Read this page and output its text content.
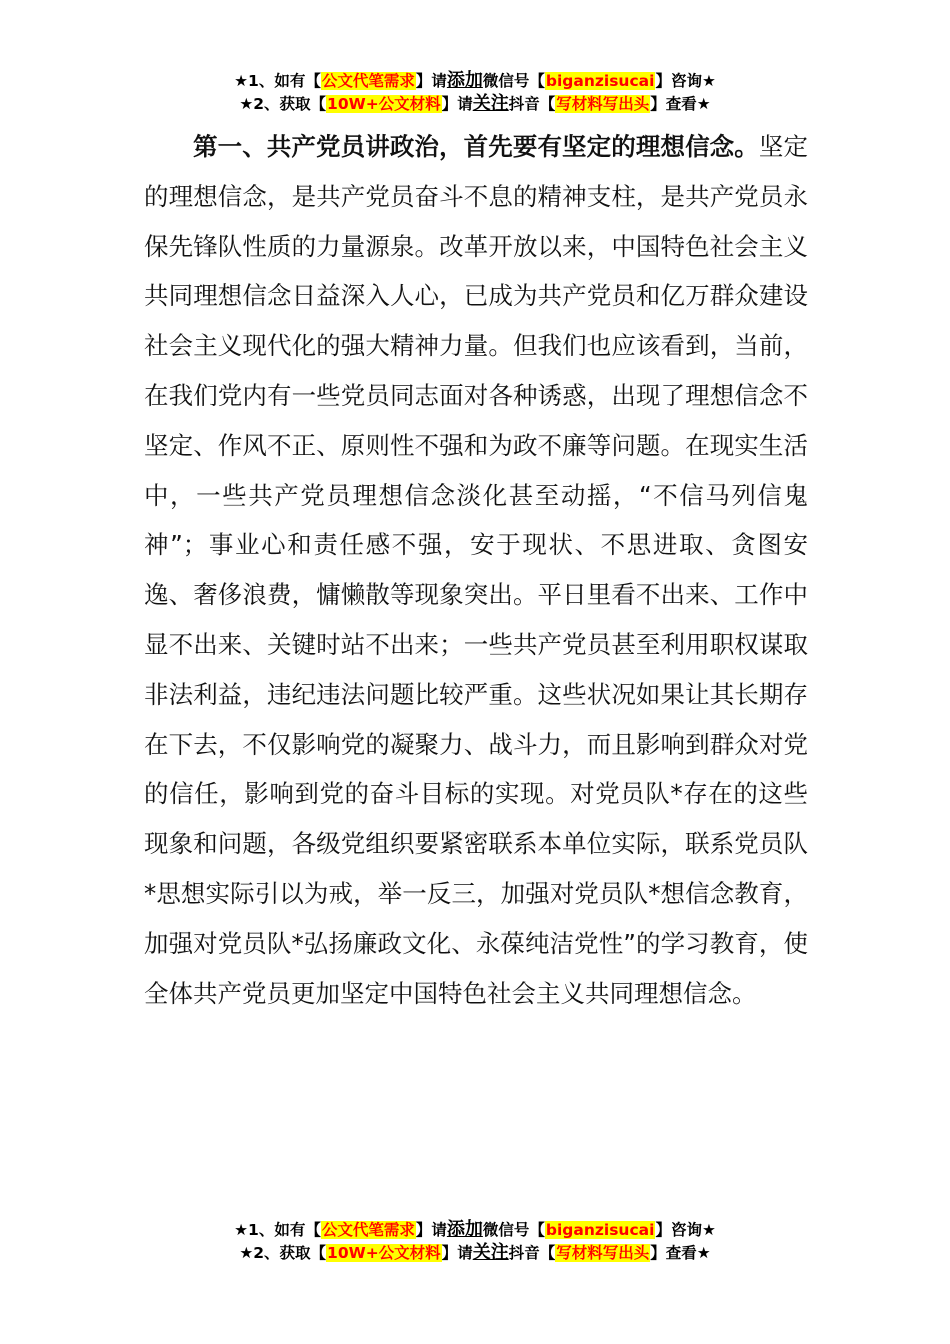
★1、如有【公文代笔需求】请添加微信号【biganzisucai】咨询★
★2、获取【10W+公文材料】请关注抖音【写材料写出头】查看★

第一、共产党员讲政治，首先要有坚定的理想信念。坚定的理想信念，是共产党员奋斗不息的精神支柱，是共产党员永保先锋队性质的力量源泉。改革开放以来，中国特色社会主义共同理想信念日益深入人心，已成为共产党员和亿万群众建设社会主义现代化的强大精神力量。但我们也应该看到，当前，在我们党内有一些党员同志面对各种诱惑，出现了理想信念不坚定、作风不正、原则性不强和为政不廉等问题。在现实生活中，一些共产党员理想信念淡化甚至动摇，“不信马列信鬼神”；事业心和责任感不强，安于现状、不思进取、贪图安逸、奢侈浪费，慵懒散等现象突出。平日里看不出来、工作中显不出来、关键时站不出来；一些共产党员甚至利用职权谋取非法利益，违纪违法问题比较严重。这些状况如果让其长期存在下去，不仅影响党的凝聚力、战斗力，而且影响到群众对党的信任，影响到党的奋斗目标的实现。对党员队*存在的这些现象和问题，各级党组织要紧密联系本单位实际，联系党员队*思想实际引以为戒，举一反三，加强对党员队*想信念教育，加强对党员队*弘扬廉政文化、永葆纯洁党性”的学习教育，使全体共产党员更加坚定中国特色社会主义共同理想信念。

★1、如有【公文代笔需求】请添加微信号【biganzisucai】咨询★
★2、获取【10W+公文材料】请关注抖音【写材料写出头】查看★
